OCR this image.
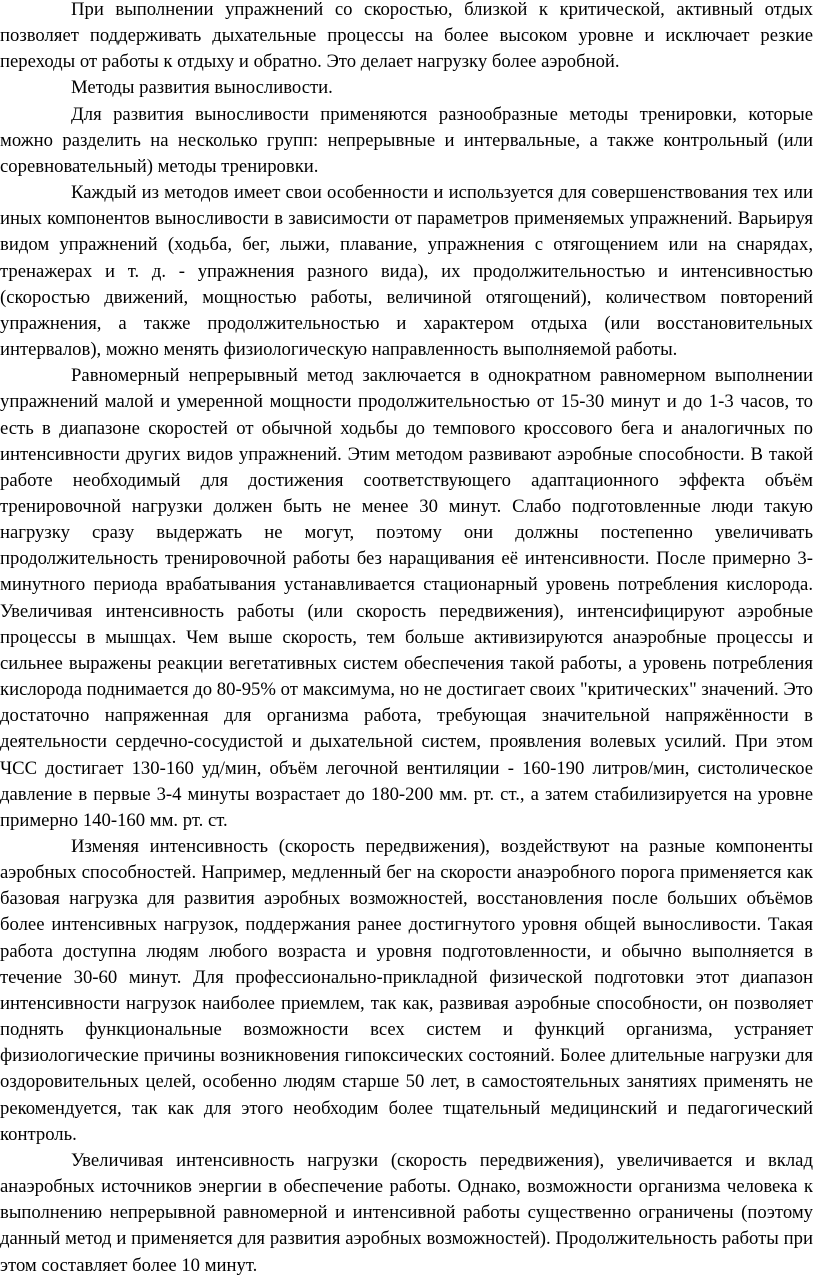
При выполнении упражнений со скоростью, близкой к критической, активный отдых позволяет поддерживать дыхательные процессы на более высоком уровне и исключает резкие переходы от работы к отдыху и обратно. Это делает нагрузку более аэробной.

Методы развития выносливости.

Для развития выносливости применяются разнообразные методы тренировки, которые можно разделить на несколько групп: непрерывные и интервальные, а также контрольный (или соревновательный) методы тренировки.

Каждый из методов имеет свои особенности и используется для совершенствования тех или иных компонентов выносливости в зависимости от параметров применяемых упражнений. Варьируя видом упражнений (ходьба, бег, лыжи, плавание, упражнения с отягощением или на снарядах, тренажерах и т. д. - упражнения разного вида), их продолжительностью и интенсивностью (скоростью движений, мощностью работы, величиной отягощений), количеством повторений упражнения, а также продолжительностью и характером отдыха (или восстановительных интервалов), можно менять физиологическую направленность выполняемой работы.

Равномерный непрерывный метод заключается в однократном равномерном выполнении упражнений малой и умеренной мощности продолжительностью от 15-30 минут и до 1-3 часов, то есть в диапазоне скоростей от обычной ходьбы до темпового кроссового бега и аналогичных по интенсивности других видов упражнений. Этим методом развивают аэробные способности. В такой работе необходимый для достижения соответствующего адаптационного эффекта объём тренировочной нагрузки должен быть не менее 30 минут. Слабо подготовленные люди такую нагрузку сразу выдержать не могут, поэтому они должны постепенно увеличивать продолжительность тренировочной работы без наращивания её интенсивности. После примерно 3-минутного периода врабатывания устанавливается стационарный уровень потребления кислорода. Увеличивая интенсивность работы (или скорость передвижения), интенсифицируют аэробные процессы в мышцах. Чем выше скорость, тем больше активизируются анаэробные процессы и сильнее выражены реакции вегетативных систем обеспечения такой работы, а уровень потребления кислорода поднимается до 80-95% от максимума, но не достигает своих "критических" значений. Это достаточно напряженная для организма работа, требующая значительной напряжённости в деятельности сердечно-сосудистой и дыхательной систем, проявления волевых усилий. При этом ЧСС достигает 130-160 уд/мин, объём легочной вентиляции - 160-190 литров/мин, систолическое давление в первые 3-4 минуты возрастает до 180-200 мм. рт. ст., а затем стабилизируется на уровне примерно 140-160 мм. рт. ст.

Изменяя интенсивность (скорость передвижения), воздействуют на разные компоненты аэробных способностей. Например, медленный бег на скорости анаэробного порога применяется как базовая нагрузка для развития аэробных возможностей, восстановления после больших объёмов более интенсивных нагрузок, поддержания ранее достигнутого уровня общей выносливости. Такая работа доступна людям любого возраста и уровня подготовленности, и обычно выполняется в течение 30-60 минут. Для профессионально-прикладной физической подготовки этот диапазон интенсивности нагрузок наиболее приемлем, так как, развивая аэробные способности, он позволяет поднять функциональные возможности всех систем и функций организма, устраняет физиологические причины возникновения гипоксических состояний. Более длительные нагрузки для оздоровительных целей, особенно людям старше 50 лет, в самостоятельных занятиях применять не рекомендуется, так как для этого необходим более тщательный медицинский и педагогический контроль.

Увеличивая интенсивность нагрузки (скорость передвижения), увеличивается и вклад анаэробных источников энергии в обеспечение работы. Однако, возможности организма человека к выполнению непрерывной равномерной и интенсивной работы существенно ограничены (поэтому данный метод и применяется для развития аэробных возможностей). Продолжительность работы при этом составляет более 10 минут.
